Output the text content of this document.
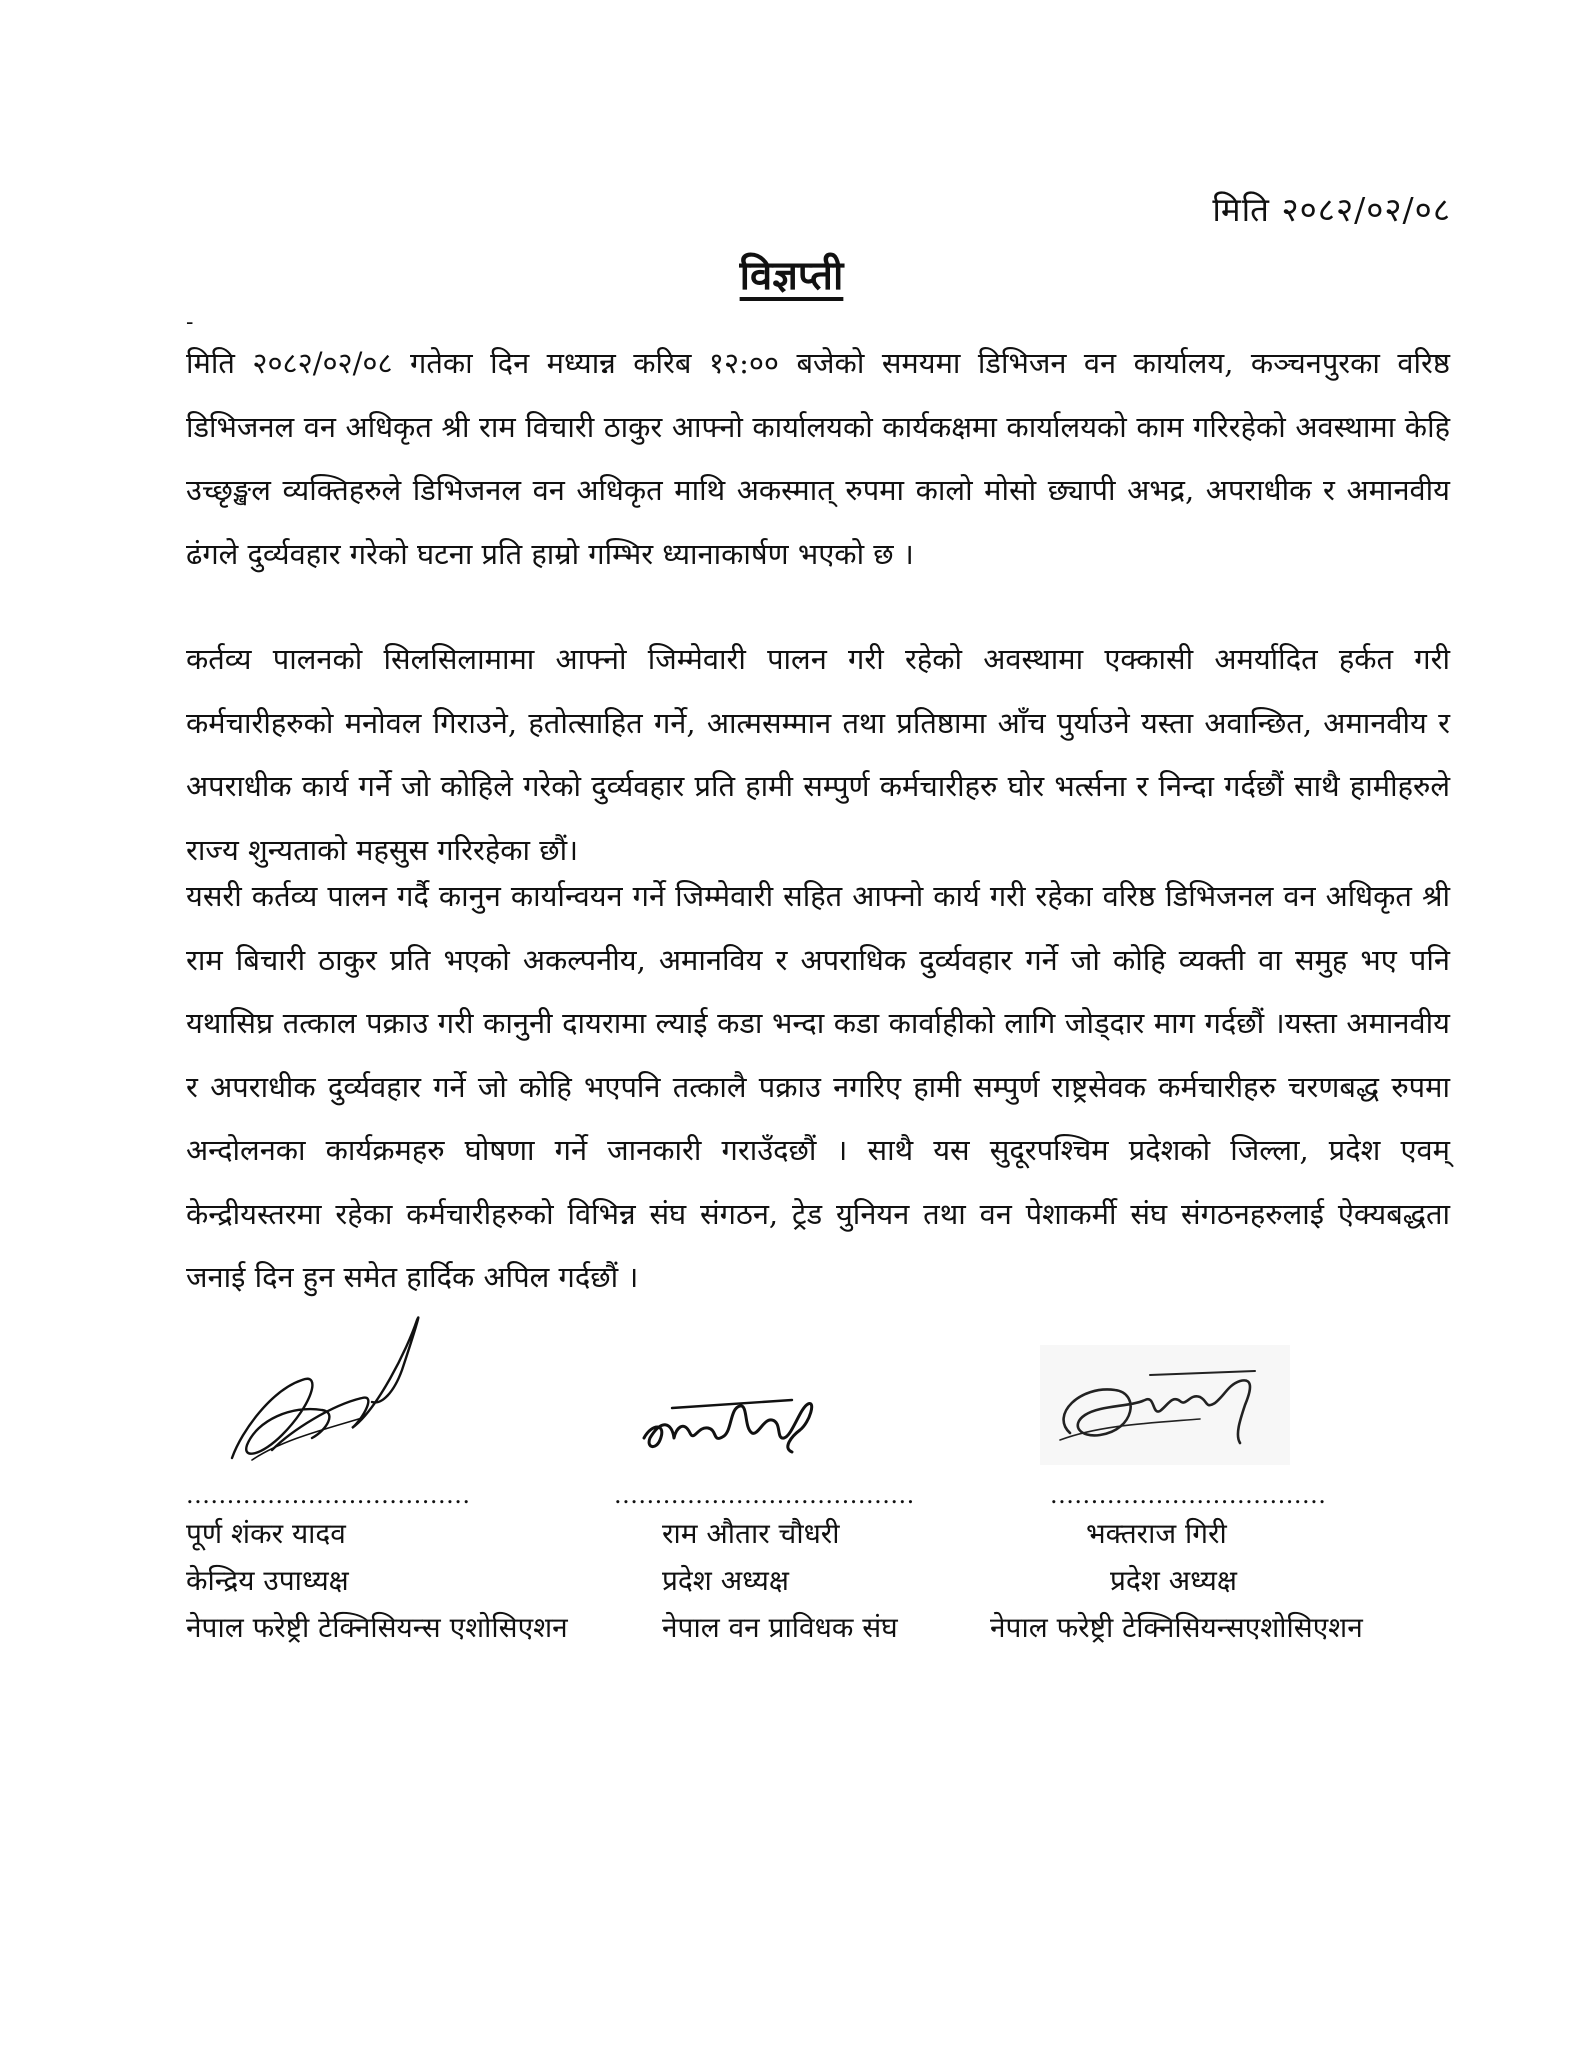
मिति २०८२/०२/०८
विज्ञप्ती
-
मिति २०८२/०२/०८ गतेका दिन मध्यान्न करिब १२:०० बजेको समयमा डिभिजन वन कार्यालय, कञ्चनपुरका वरिष्ठ डिभिजनल वन अधिकृत श्री राम विचारी ठाकुर आफ्नो कार्यालयको कार्यकक्षमा कार्यालयको काम गरिरहेको अवस्थामा केहि उच्छृङ्खल व्यक्तिहरुले डिभिजनल वन अधिकृत माथि अकस्मात् रुपमा कालो मोसो छ्यापी अभद्र, अपराधीक र अमानवीय ढंगले दुर्व्यवहार गरेको घटना प्रति हाम्रो गम्भिर ध्यानाकार्षण भएको छ ।
कर्तव्य पालनको सिलसिलामामा आफ्नो जिम्मेवारी पालन गरी रहेको अवस्थामा एक्कासी अमर्यादित हर्कत गरी कर्मचारीहरुको मनोवल गिराउने, हतोत्साहित गर्ने, आत्मसम्मान तथा प्रतिष्ठामा आँच पुर्याउने यस्ता अवान्छित, अमानवीय र अपराधीक कार्य गर्ने जो कोहिले गरेको दुर्व्यवहार प्रति हामी सम्पुर्ण कर्मचारीहरु घोर भर्त्सना र निन्दा गर्दछौं साथै हामीहरुले राज्य शुन्यताको महसुस गरिरहेका छौं।
यसरी कर्तव्य पालन गर्दै कानुन कार्यान्वयन गर्ने जिम्मेवारी सहित आफ्नो कार्य गरी रहेका वरिष्ठ डिभिजनल वन अधिकृत श्री राम बिचारी ठाकुर प्रति भएको अकल्पनीय, अमानविय र अपराधिक दुर्व्यवहार गर्ने जो कोहि व्यक्ती वा समुह भए पनि यथासिघ्र तत्काल पक्राउ गरी कानुनी दायरामा ल्याई कडा भन्दा कडा कार्वाहीको लागि जोड्दार माग गर्दछौं ।यस्ता अमानवीय र अपराधीक दुर्व्यवहार गर्ने जो कोहि भएपनि तत्कालै पक्राउ नगरिए हामी सम्पुर्ण राष्ट्रसेवक कर्मचारीहरु चरणबद्ध रुपमा अन्दोलनका कार्यक्रमहरु घोषणा गर्ने जानकारी गराउँदछौं । साथै यस सुदूरपश्चिम प्रदेशको जिल्ला, प्रदेश एवम् केन्द्रीयस्तरमा रहेका कर्मचारीहरुको विभिन्न संघ संगठन, ट्रेड युनियन तथा वन पेशाकर्मी संघ संगठनहरुलाई ऐक्यबद्धता जनाई दिन हुन समेत हार्दिक अपिल गर्दछौं ।
...................................
पूर्ण शंकर यादव
केन्द्रिय उपाध्यक्ष
नेपाल फरेष्ट्री टेक्निसियन्स एशोसिएशन
.....................................
राम औतार चौधरी
प्रदेश अध्यक्ष
नेपाल वन प्राविधक संघ
..................................
भक्तराज गिरी
प्रदेश अध्यक्ष
नेपाल फरेष्ट्री टेक्निसियन्सएशोसिएशन
